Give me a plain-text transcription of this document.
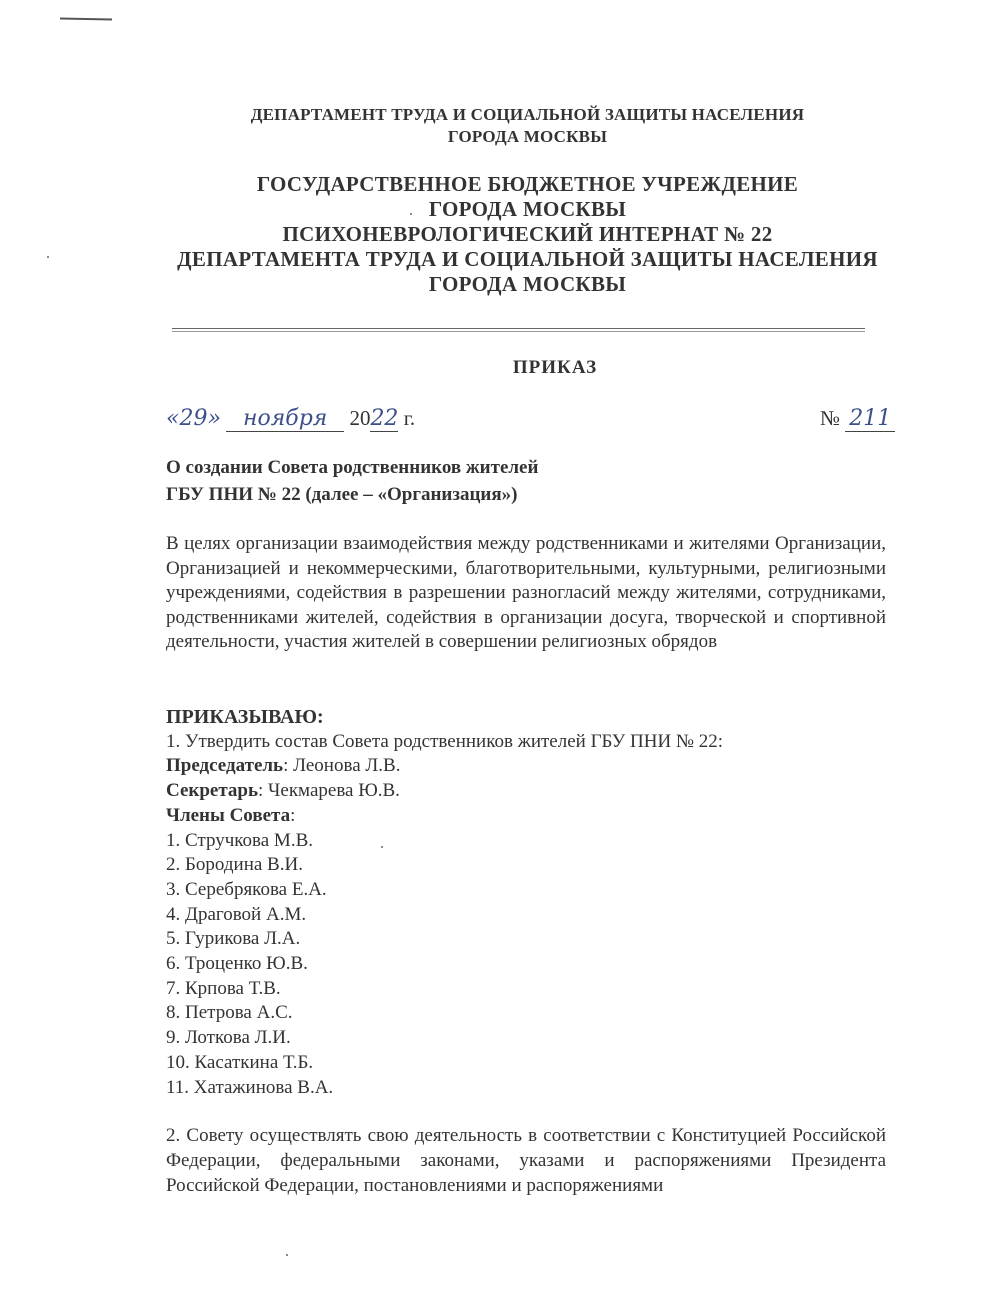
ДЕПАРТАМЕНТ ТРУДА И СОЦИАЛЬНОЙ ЗАЩИТЫ НАСЕЛЕНИЯ
ГОРОДА МОСКВЫ
ГОСУДАРСТВЕННОЕ БЮДЖЕТНОЕ УЧРЕЖДЕНИЕ
ГОРОДА МОСКВЫ
ПСИХОНЕВРОЛОГИЧЕСКИЙ ИНТЕРНАТ № 22
ДЕПАРТАМЕНТА ТРУДА И СОЦИАЛЬНОЙ ЗАЩИТЫ НАСЕЛЕНИЯ
ГОРОДА МОСКВЫ
ПРИКАЗ
«29» ноября 2022 г.	№ 211
О создании Совета родственников жителей
ГБУ ПНИ № 22 (далее – «Организация»)
В целях организации взаимодействия между родственниками и жителями Организации, Организацией и некоммерческими, благотворительными, культурными, религиозными учреждениями, содействия в разрешении разногласий между жителями, сотрудниками, родственниками жителей, содействия в организации досуга, творческой и спортивной деятельности, участия жителей в совершении религиозных обрядов
ПРИКАЗЫВАЮ:
1. Утвердить состав Совета родственников жителей ГБУ ПНИ № 22:
Председатель: Леонова Л.В.
Секретарь: Чекмарева Ю.В.
Члены Совета:
1. Стручкова М.В.
2. Бородина В.И.
3. Серебрякова Е.А.
4. Драговой А.М.
5. Гурикова Л.А.
6. Троценко Ю.В.
7. Крпова Т.В.
8. Петрова А.С.
9. Лоткова Л.И.
10. Касаткина Т.Б.
11. Хатажинова В.А.
2. Совету осуществлять свою деятельность в соответствии с Конституцией Российской Федерации, федеральными законами, указами и распоряжениями Президента Российской Федерации, постановлениями и распоряжениями
